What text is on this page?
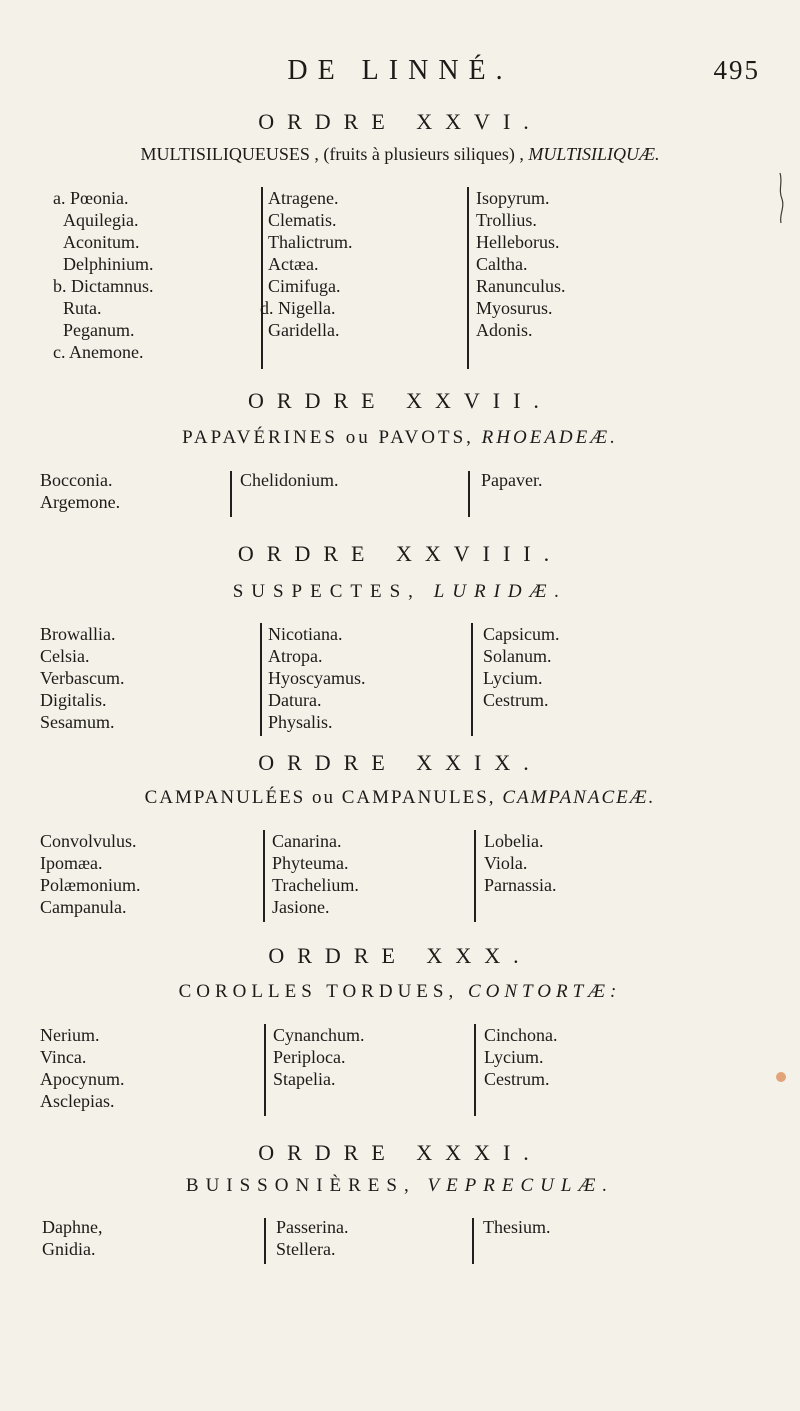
DE LINNÉ.	495
ORDRE XXVI.
MULTISILIQUEUSES , (fruits à plusieurs siliques) , MULTISILIQUÆ.
a. Pœonia.
Aquilegia.
Aconitum.
Delphinium.
b. Dictamnus.
Ruta.
Peganum.
c. Anemone.
Atragene.
Clematis.
Thalictrum.
Actæa.
Cimifuga.
d. Nigella.
Garidella.
Isopyrum.
Trollius.
Helleborus.
Caltha.
Ranunculus.
Myosurus.
Adonis.
ORDRE XXVII.
PAPAVÉRINES ou PAVOTS, RHOEADEÆ.
Bocconia.
Argemone.
Chelidonium.	Papaver.
ORDRE XXVIII.
SUSPECTES, LURIDÆ.
Browallia.
Celsia.
Verbascum.
Digitalis.
Sesamum.
Nicotiana.
Atropa.
Hyoscyamus.
Datura.
Physalis.
Capsicum.
Solanum.
Lycium.
Cestrum.
ORDRE XXIX.
CAMPANULÉES ou CAMPANULES, CAMPANACEÆ.
Convolvulus.
Ipomæa.
Polæmonium.
Campanula.
Canarina.
Phyteuma.
Trachelium.
Jasione.
Lobelia.
Viola.
Parnassia.
ORDRE XXX.
COROLLES TORDUES, CONTORTÆ:
Nerium.
Vinca.
Apocynum.
Asclepias.
Cynanchum.
Periploca.
Stapelia.
Cinchona.
Lycium.
Cestrum.
ORDRE XXXI.
BUISSONIÈRES, VEPRECULÆ.
Daphne,
Gnidia.
Passerina.
Stellera.
Thesium.
